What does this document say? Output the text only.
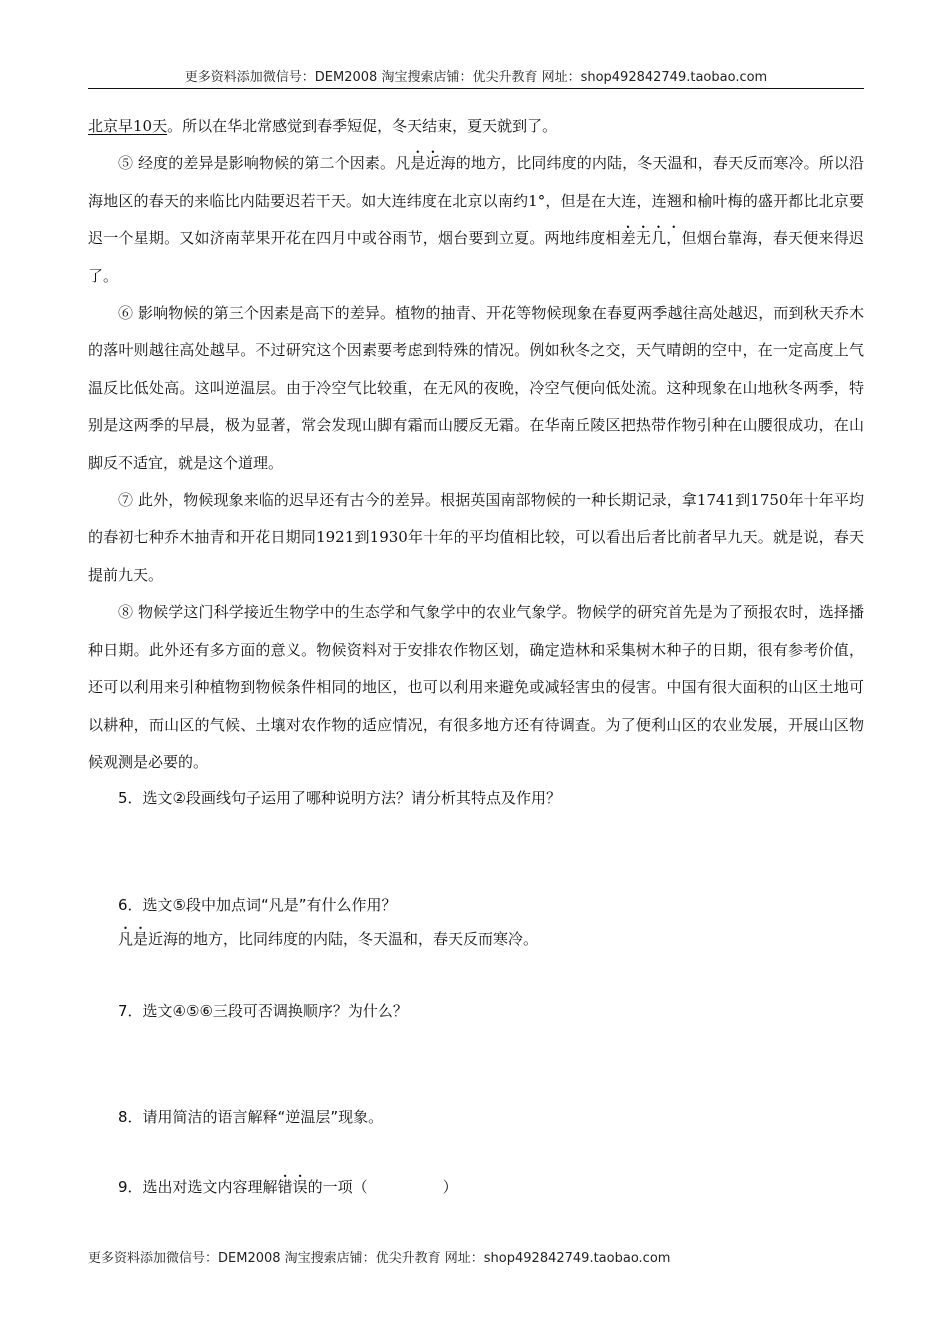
更多资料添加微信号：DEM2008 淘宝搜索店铺：优尖升教育 网址：shop492842749.taobao.com

北京早10天。所以在华北常感觉到春季短促，冬天结束，夏天就到了。

⑤ 经度的差异是影响物候的第二个因素。凡是近海的地方，比同纬度的内陆，冬天温和，春天反而寒冷。所以沿海地区的春天的来临比内陆要迟若干天。如大连纬度在北京以南约1°，但是在大连，连翘和榆叶梅的盛开都比北京要迟一个星期。又如济南苹果开花在四月中或谷雨节，烟台要到立夏。两地纬度相差无几，但烟台靠海，春天便来得迟了。

⑥ 影响物候的第三个因素是高下的差异。植物的抽青、开花等物候现象在春夏两季越往高处越迟，而到秋天乔木的落叶则越往高处越早。不过研究这个因素要考虑到特殊的情况。例如秋冬之交，天气晴朗的空中，在一定高度上气温反比低处高。这叫逆温层。由于冷空气比较重，在无风的夜晚，冷空气便向低处流。这种现象在山地秋冬两季，特别是这两季的早晨，极为显著，常会发现山脚有霜而山腰反无霜。在华南丘陵区把热带作物引种在山腰很成功，在山脚反不适宜，就是这个道理。

⑦ 此外，物候现象来临的迟早还有古今的差异。根据英国南部物候的一种长期记录，拿1741到1750年十年平均的春初七种乔木抽青和开花日期同1921到1930年十年的平均值相比较，可以看出后者比前者早九天。就是说，春天提前九天。

⑧ 物候学这门科学接近生物学中的生态学和气象学中的农业气象学。物候学的研究首先是为了预报农时，选择播种日期。此外还有多方面的意义。物候资料对于安排农作物区划，确定造林和采集树木种子的日期，很有参考价值，还可以利用来引种植物到物候条件相同的地区，也可以利用来避免或减轻害虫的侵害。中国有很大面积的山区土地可以耕种，而山区的气候、土壤对农作物的适应情况，有很多地方还有待调查。为了便利山区的农业发展，开展山区物候观测是必要的。

5．选文②段画线句子运用了哪种说明方法？请分析其特点及作用？
6．选文⑤段中加点词“凡是”有什么作用？
凡是近海的地方，比同纬度的内陆，冬天温和，春天反而寒冷。
7．选文④⑤⑥三段可否调换顺序？为什么？
8．请用简洁的语言解释“逆温层”现象。
9．选出对选文内容理解错误的一项（　　　　　）
更多资料添加微信号：DEM2008 淘宝搜索店铺：优尖升教育 网址：shop492842749.taobao.com
